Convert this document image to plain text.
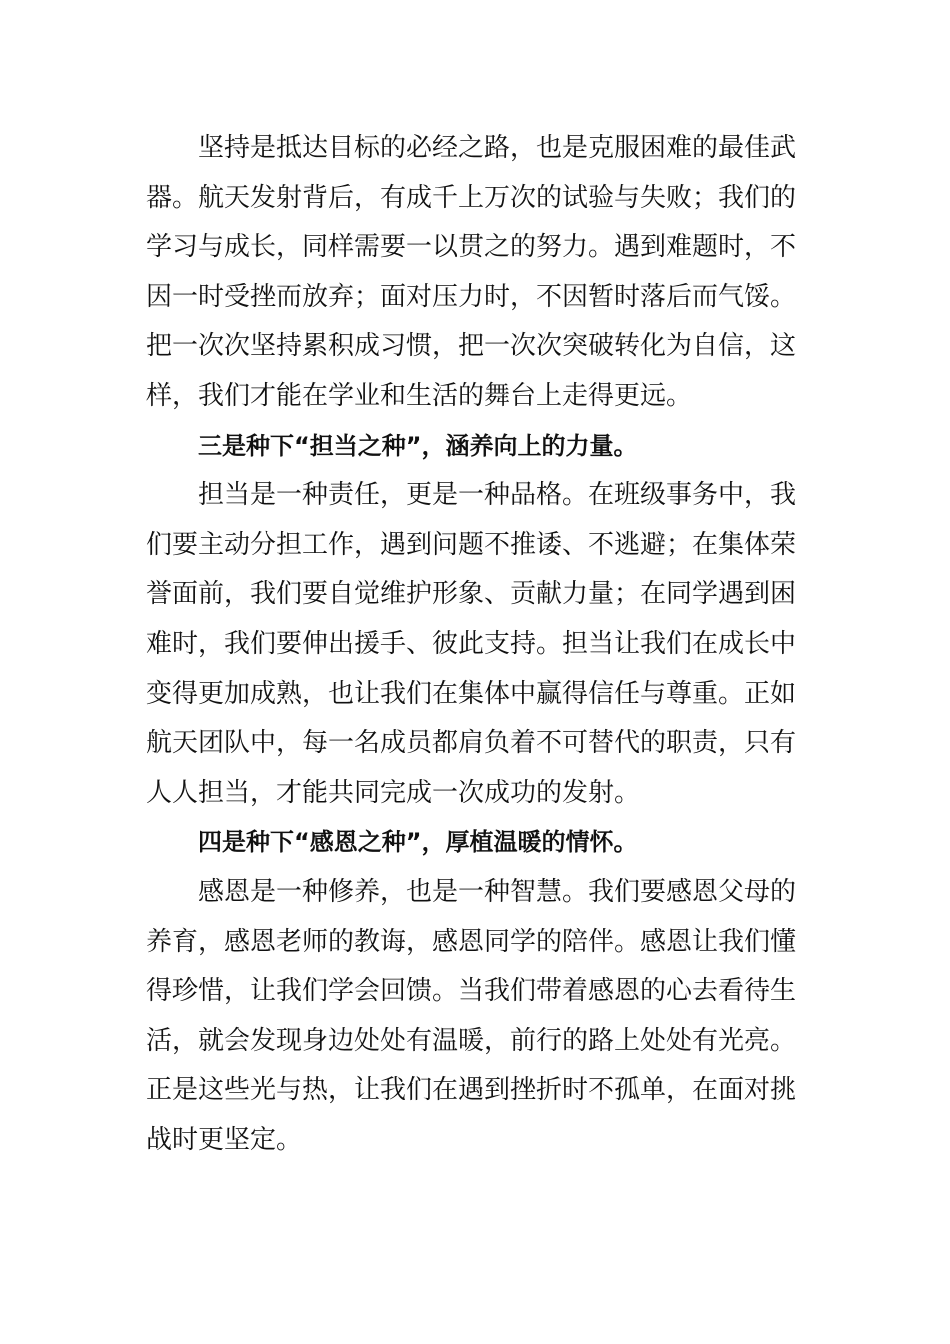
坚持是抵达目标的必经之路，也是克服困难的最佳武
器。航天发射背后，有成千上万次的试验与失败；我们的
学习与成长，同样需要一以贯之的努力。遇到难题时，不
因一时受挫而放弃；面对压力时，不因暂时落后而气馁。
把一次次坚持累积成习惯，把一次次突破转化为自信，这
样，我们才能在学业和生活的舞台上走得更远。
三是种下“担当之种”，涵养向上的力量。
担当是一种责任，更是一种品格。在班级事务中，我
们要主动分担工作，遇到问题不推诿、不逃避；在集体荣
誉面前，我们要自觉维护形象、贡献力量；在同学遇到困
难时，我们要伸出援手、彼此支持。担当让我们在成长中
变得更加成熟，也让我们在集体中赢得信任与尊重。正如
航天团队中，每一名成员都肩负着不可替代的职责，只有
人人担当，才能共同完成一次成功的发射。
四是种下“感恩之种”，厚植温暖的情怀。
感恩是一种修养，也是一种智慧。我们要感恩父母的
养育，感恩老师的教诲，感恩同学的陪伴。感恩让我们懂
得珍惜，让我们学会回馈。当我们带着感恩的心去看待生
活，就会发现身边处处有温暖，前行的路上处处有光亮。
正是这些光与热，让我们在遇到挫折时不孤单，在面对挑
战时更坚定。
